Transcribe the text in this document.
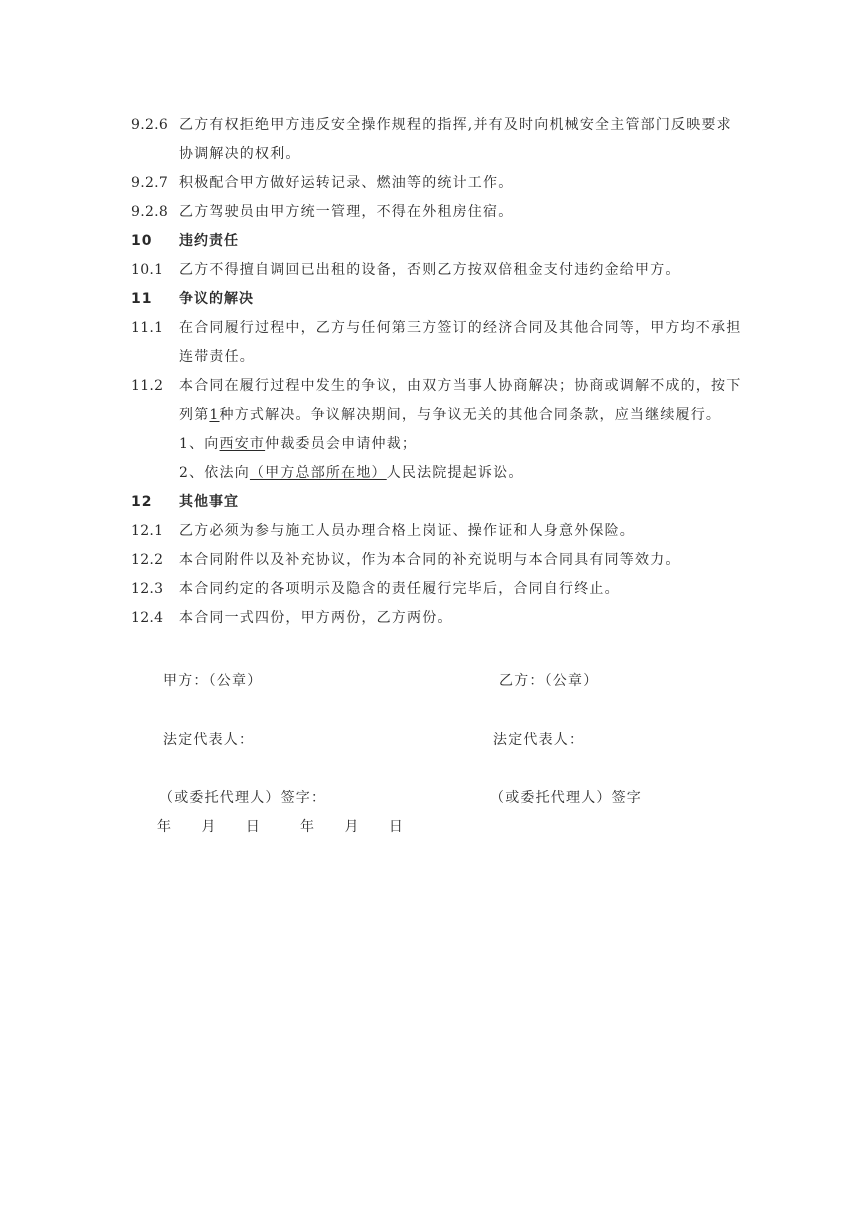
9.2.6 乙方有权拒绝甲方违反安全操作规程的指挥,并有及时向机械安全主管部门反映要求
协调解决的权利。
9.2.7 积极配合甲方做好运转记录、燃油等的统计工作。
9.2.8 乙方驾驶员由甲方统一管理，不得在外租房住宿。
10 违约责任
10.1 乙方不得擅自调回已出租的设备，否则乙方按双倍租金支付违约金给甲方。
11 争议的解决
11.1 在合同履行过程中，乙方与任何第三方签订的经济合同及其他合同等，甲方均不承担
连带责任。
11.2 本合同在履行过程中发生的争议，由双方当事人协商解决；协商或调解不成的，按下
列第1种方式解决。争议解决期间，与争议无关的其他合同条款，应当继续履行。
1、向西安市仲裁委员会申请仲裁；
2、依法向（甲方总部所在地）人民法院提起诉讼。
12 其他事宜
12.1 乙方必须为参与施工人员办理合格上岗证、操作证和人身意外保险。
12.2 本合同附件以及补充协议，作为本合同的补充说明与本合同具有同等效力。
12.3 本合同约定的各项明示及隐含的责任履行完毕后，合同自行终止。
12.4 本合同一式四份，甲方两份，乙方两份。
甲方：（公章）	乙方：（公章）
法定代表人：	法定代表人：
（或委托代理人）签字：	（或委托代理人）签字
年　 月　 日	年　 月　 日
